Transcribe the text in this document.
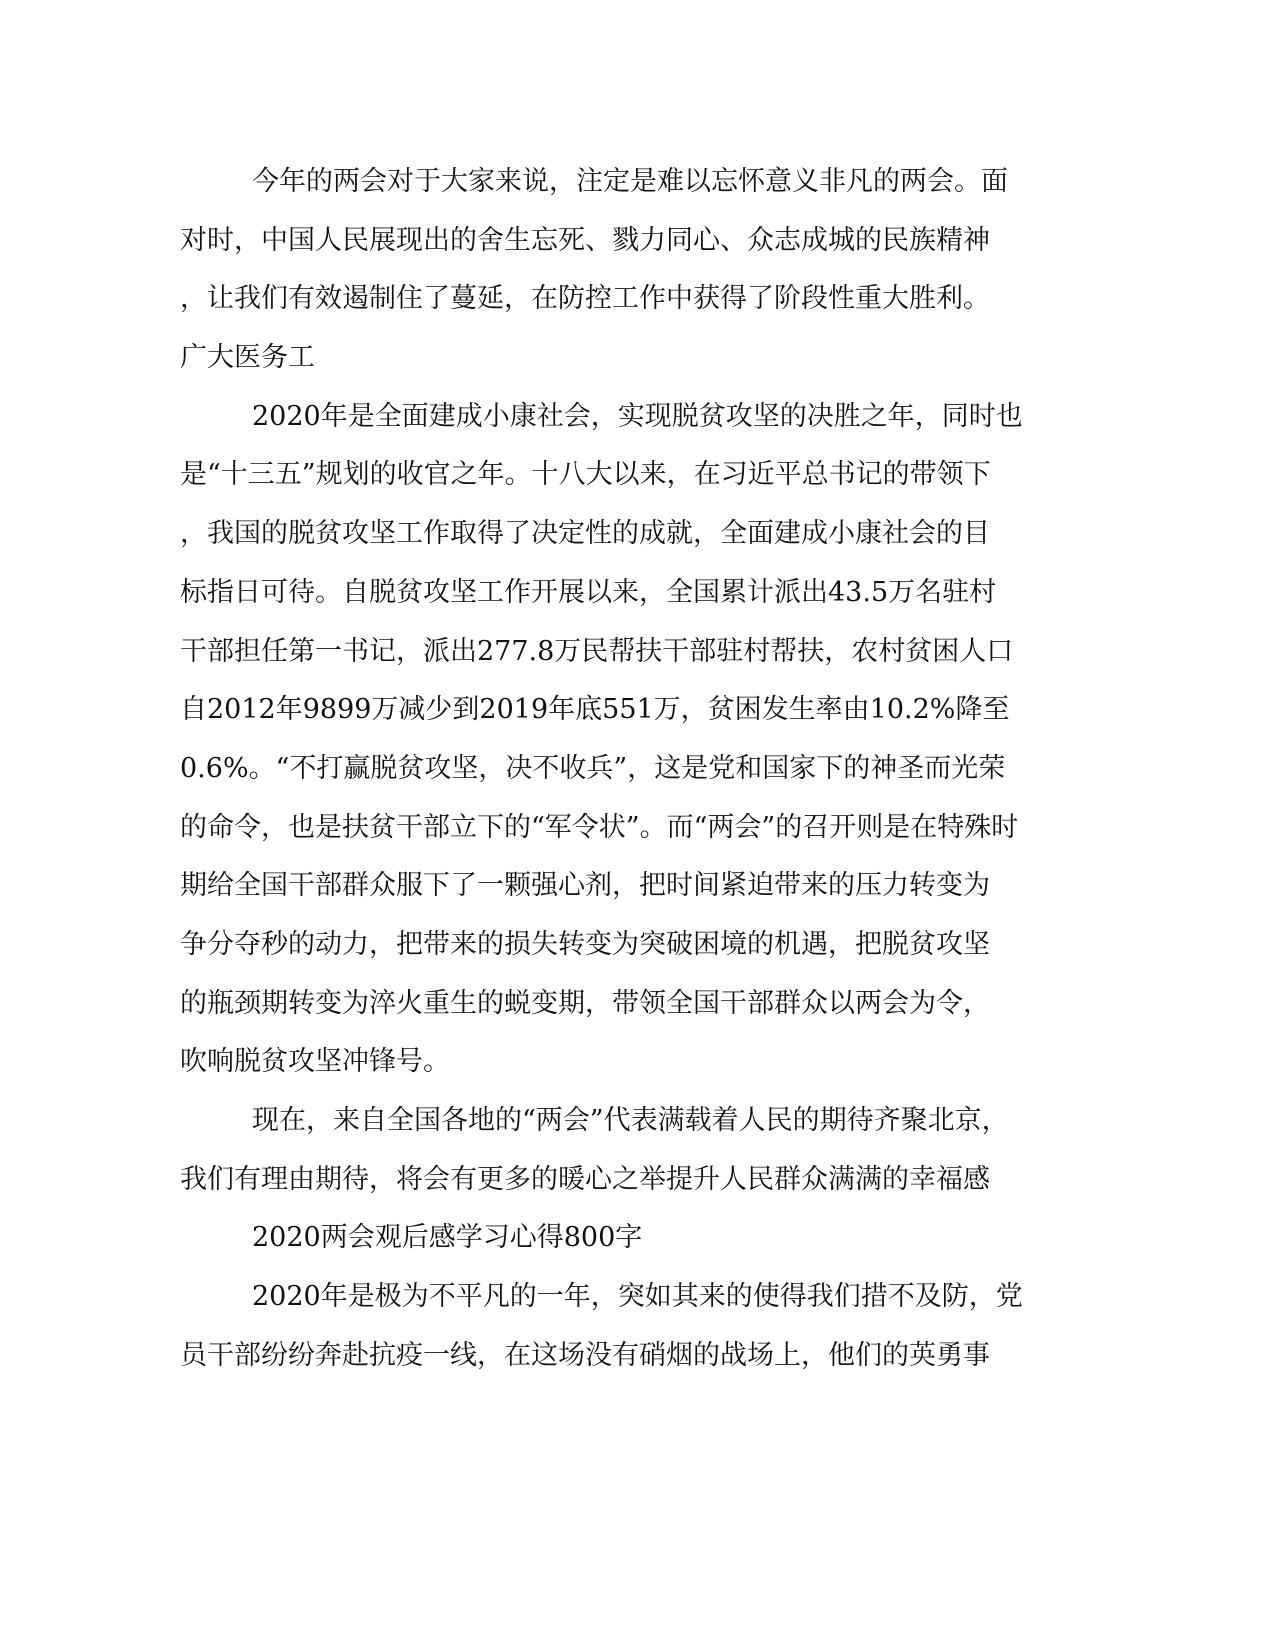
今年的两会对于大家来说，注定是难以忘怀意义非凡的两会。面
对时，中国人民展现出的舍生忘死、戮力同心、众志成城的民族精神
，让我们有效遏制住了蔓延，在防控工作中获得了阶段性重大胜利。
广大医务工
2020年是全面建成小康社会，实现脱贫攻坚的决胜之年，同时也
是“十三五”规划的收官之年。十八大以来，在习近平总书记的带领下
，我国的脱贫攻坚工作取得了决定性的成就，全面建成小康社会的目
标指日可待。自脱贫攻坚工作开展以来，全国累计派出43.5万名驻村
干部担任第一书记，派出277.8万民帮扶干部驻村帮扶，农村贫困人口
自2012年9899万减少到2019年底551万，贫困发生率由10.2%降至
0.6%。“不打赢脱贫攻坚，决不收兵”，这是党和国家下的神圣而光荣
的命令，也是扶贫干部立下的“军令状”。而“两会”的召开则是在特殊时
期给全国干部群众服下了一颗强心剂，把时间紧迫带来的压力转变为
争分夺秒的动力，把带来的损失转变为突破困境的机遇，把脱贫攻坚
的瓶颈期转变为淬火重生的蜕变期，带领全国干部群众以两会为令，
吹响脱贫攻坚冲锋号。
现在，来自全国各地的“两会”代表满载着人民的期待齐聚北京，
我们有理由期待，将会有更多的暖心之举提升人民群众满满的幸福感
2020两会观后感学习心得800字
2020年是极为不平凡的一年，突如其来的使得我们措不及防，党
员干部纷纷奔赴抗疫一线，在这场没有硝烟的战场上，他们的英勇事
